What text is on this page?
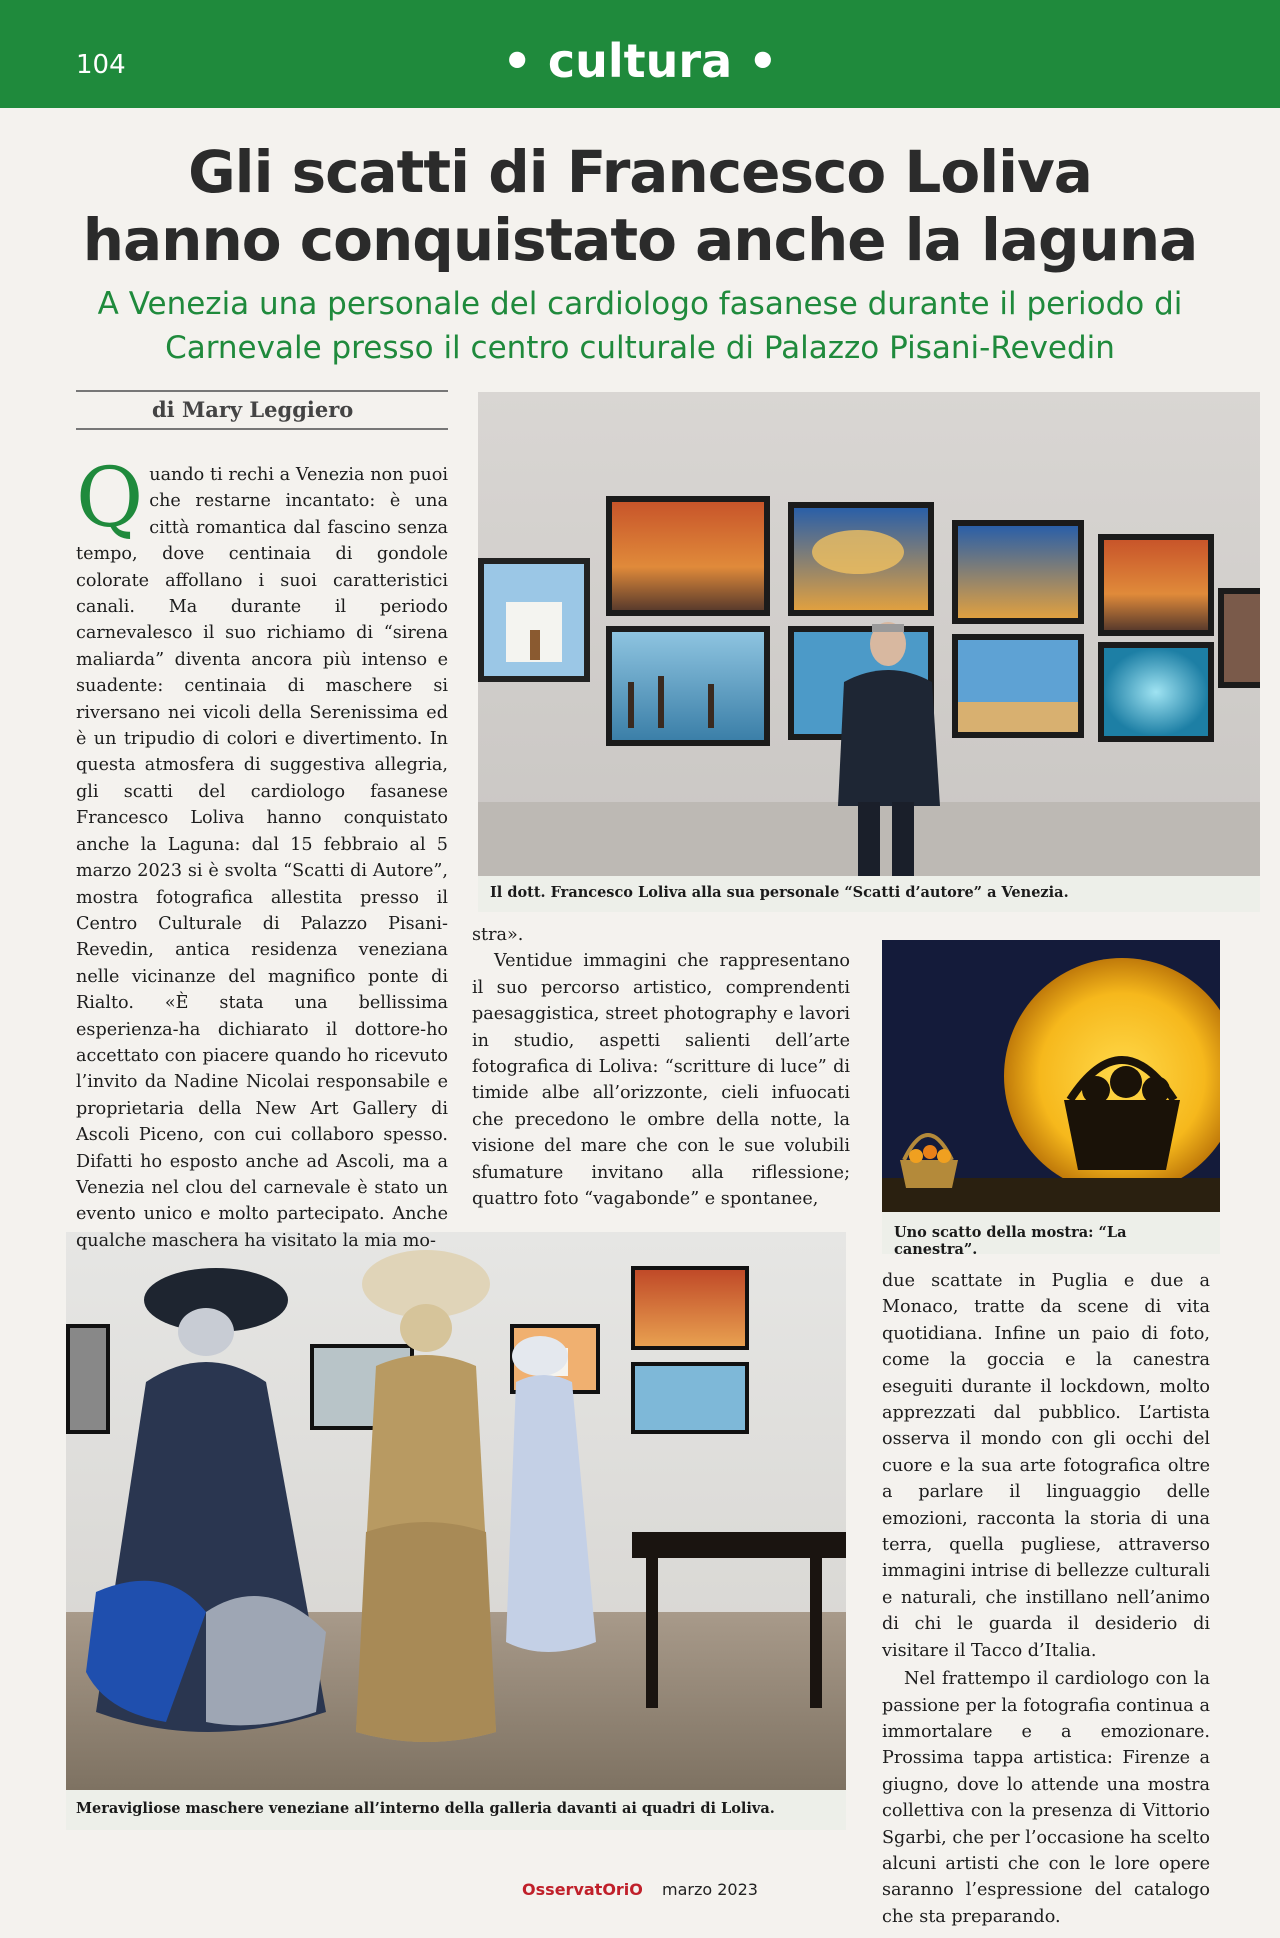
104	• cultura •
Gli scatti di Francesco Loliva
hanno conquistato anche la laguna
A Venezia una personale del cardiologo fasanese durante il periodo di
Carnevale presso il centro culturale di Palazzo Pisani-Revedin
di Mary Leggiero
Il dott. Francesco Loliva alla sua personale “Scatti d’autore” a Venezia.
Uno scatto della mostra: “La canestra”.
Meravigliose maschere veneziane all’interno della galleria davanti ai quadri di Loliva.
Q uando ti rechi a Venezia non puoi che restarne incantato: è una città romantica dal fascino senza tempo, dove centinaia di gondole colorate affollano i suoi caratteristici canali. Ma durante il periodo carnevalesco il suo richiamo di “sirena maliarda” diventa ancora più intenso e suadente: centinaia di maschere si riversano nei vicoli della Serenissima ed è un tripudio di colori e divertimento. In questa atmosfera di suggestiva allegria, gli scatti del cardiologo fasanese Francesco Loliva hanno conquistato anche la Laguna: dal 15 febbraio al 5 marzo 2023 si è svolta “Scatti di Autore”, mostra fotografica allestita presso il Centro Culturale di Palazzo Pisani-Revedin, antica residenza veneziana nelle vicinanze del magnifico ponte di Rialto. «È stata una bellissima esperienza-ha dichiarato il dottore-ho accettato con piacere quando ho ricevuto l’invito da Nadine Nicolai responsabile e proprietaria della New Art Gallery di Ascoli Piceno, con cui collaboro spesso. Difatti ho esposto anche ad Ascoli, ma a Venezia nel clou del carnevale è stato un evento unico e molto partecipato. Anche qualche maschera ha visitato la mia mo-

stra».

Ventidue immagini che rappresentano il suo percorso artistico, comprendenti paesaggistica, street photography e lavori in studio, aspetti salienti dell’arte fotografica di Loliva: “scritture di luce” di timide albe all’orizzonte, cieli infuocati che precedono le ombre della notte, la visione del mare che con le sue volubili sfumature invitano alla riflessione; quattro foto “vagabonde” e spontanee,

due scattate in Puglia e due a Monaco, tratte da scene di vita quotidiana. Infine un paio di foto, come la goccia e la canestra eseguiti durante il lockdown, molto apprezzati dal pubblico. L’artista osserva il mondo con gli occhi del cuore e la sua arte fotografica oltre a parlare il linguaggio delle emozioni, racconta la storia di una terra, quella pugliese, attraverso immagini intrise di bellezze culturali e naturali, che instillano nell’animo di chi le guarda il desiderio di visitare il Tacco d’Italia.

Nel frattempo il cardiologo con la passione per la fotografia continua a immortalare e a emozionare. Prossima tappa artistica: Firenze a giugno, dove lo attende una mostra collettiva con la presenza di Vittorio Sgarbi, che per l’occasione ha scelto alcuni artisti che con le lore opere saranno l’espressione del catalogo che sta preparando.

OsservatOriO marzo 2023
